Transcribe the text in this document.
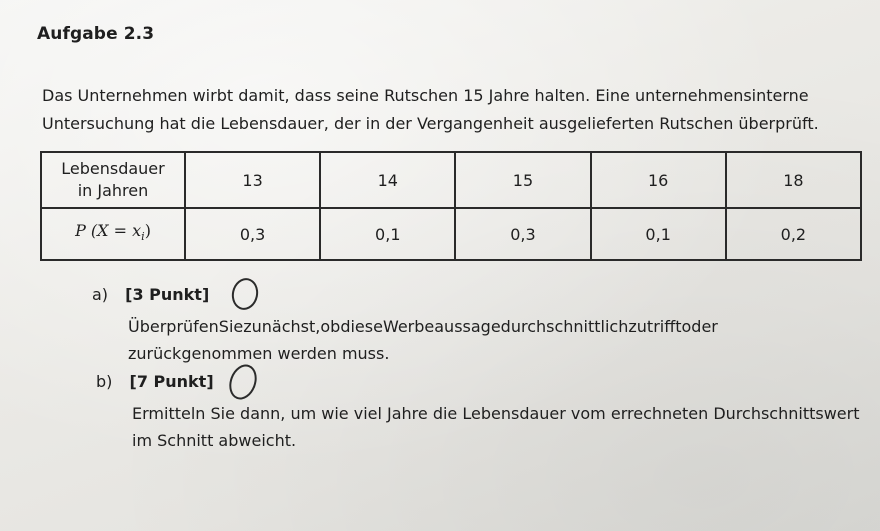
Aufgabe 2.3
Das Unternehmen wirbt damit, dass seine Rutschen 15 Jahre halten. Eine unternehmensinterne
Untersuchung hat die Lebensdauer, der in der Vergangenheit ausgelieferten Rutschen überprüft.
Lebensdauer
in Jahren	13	14	15	16	18
P $(X = x_i)$	0,3	0,1	0,3	0,1	0,2
a) [3 Punkt]
ÜberprüfenSiezunächst,obdieseWerbeaussagedurchschnittlichzutrifftoder
zurückgenommen werden muss.
b) [7 Punkt]
Ermitteln Sie dann, um wie viel Jahre die Lebensdauer vom errechneten Durchschnittswert
im Schnitt abweicht.
